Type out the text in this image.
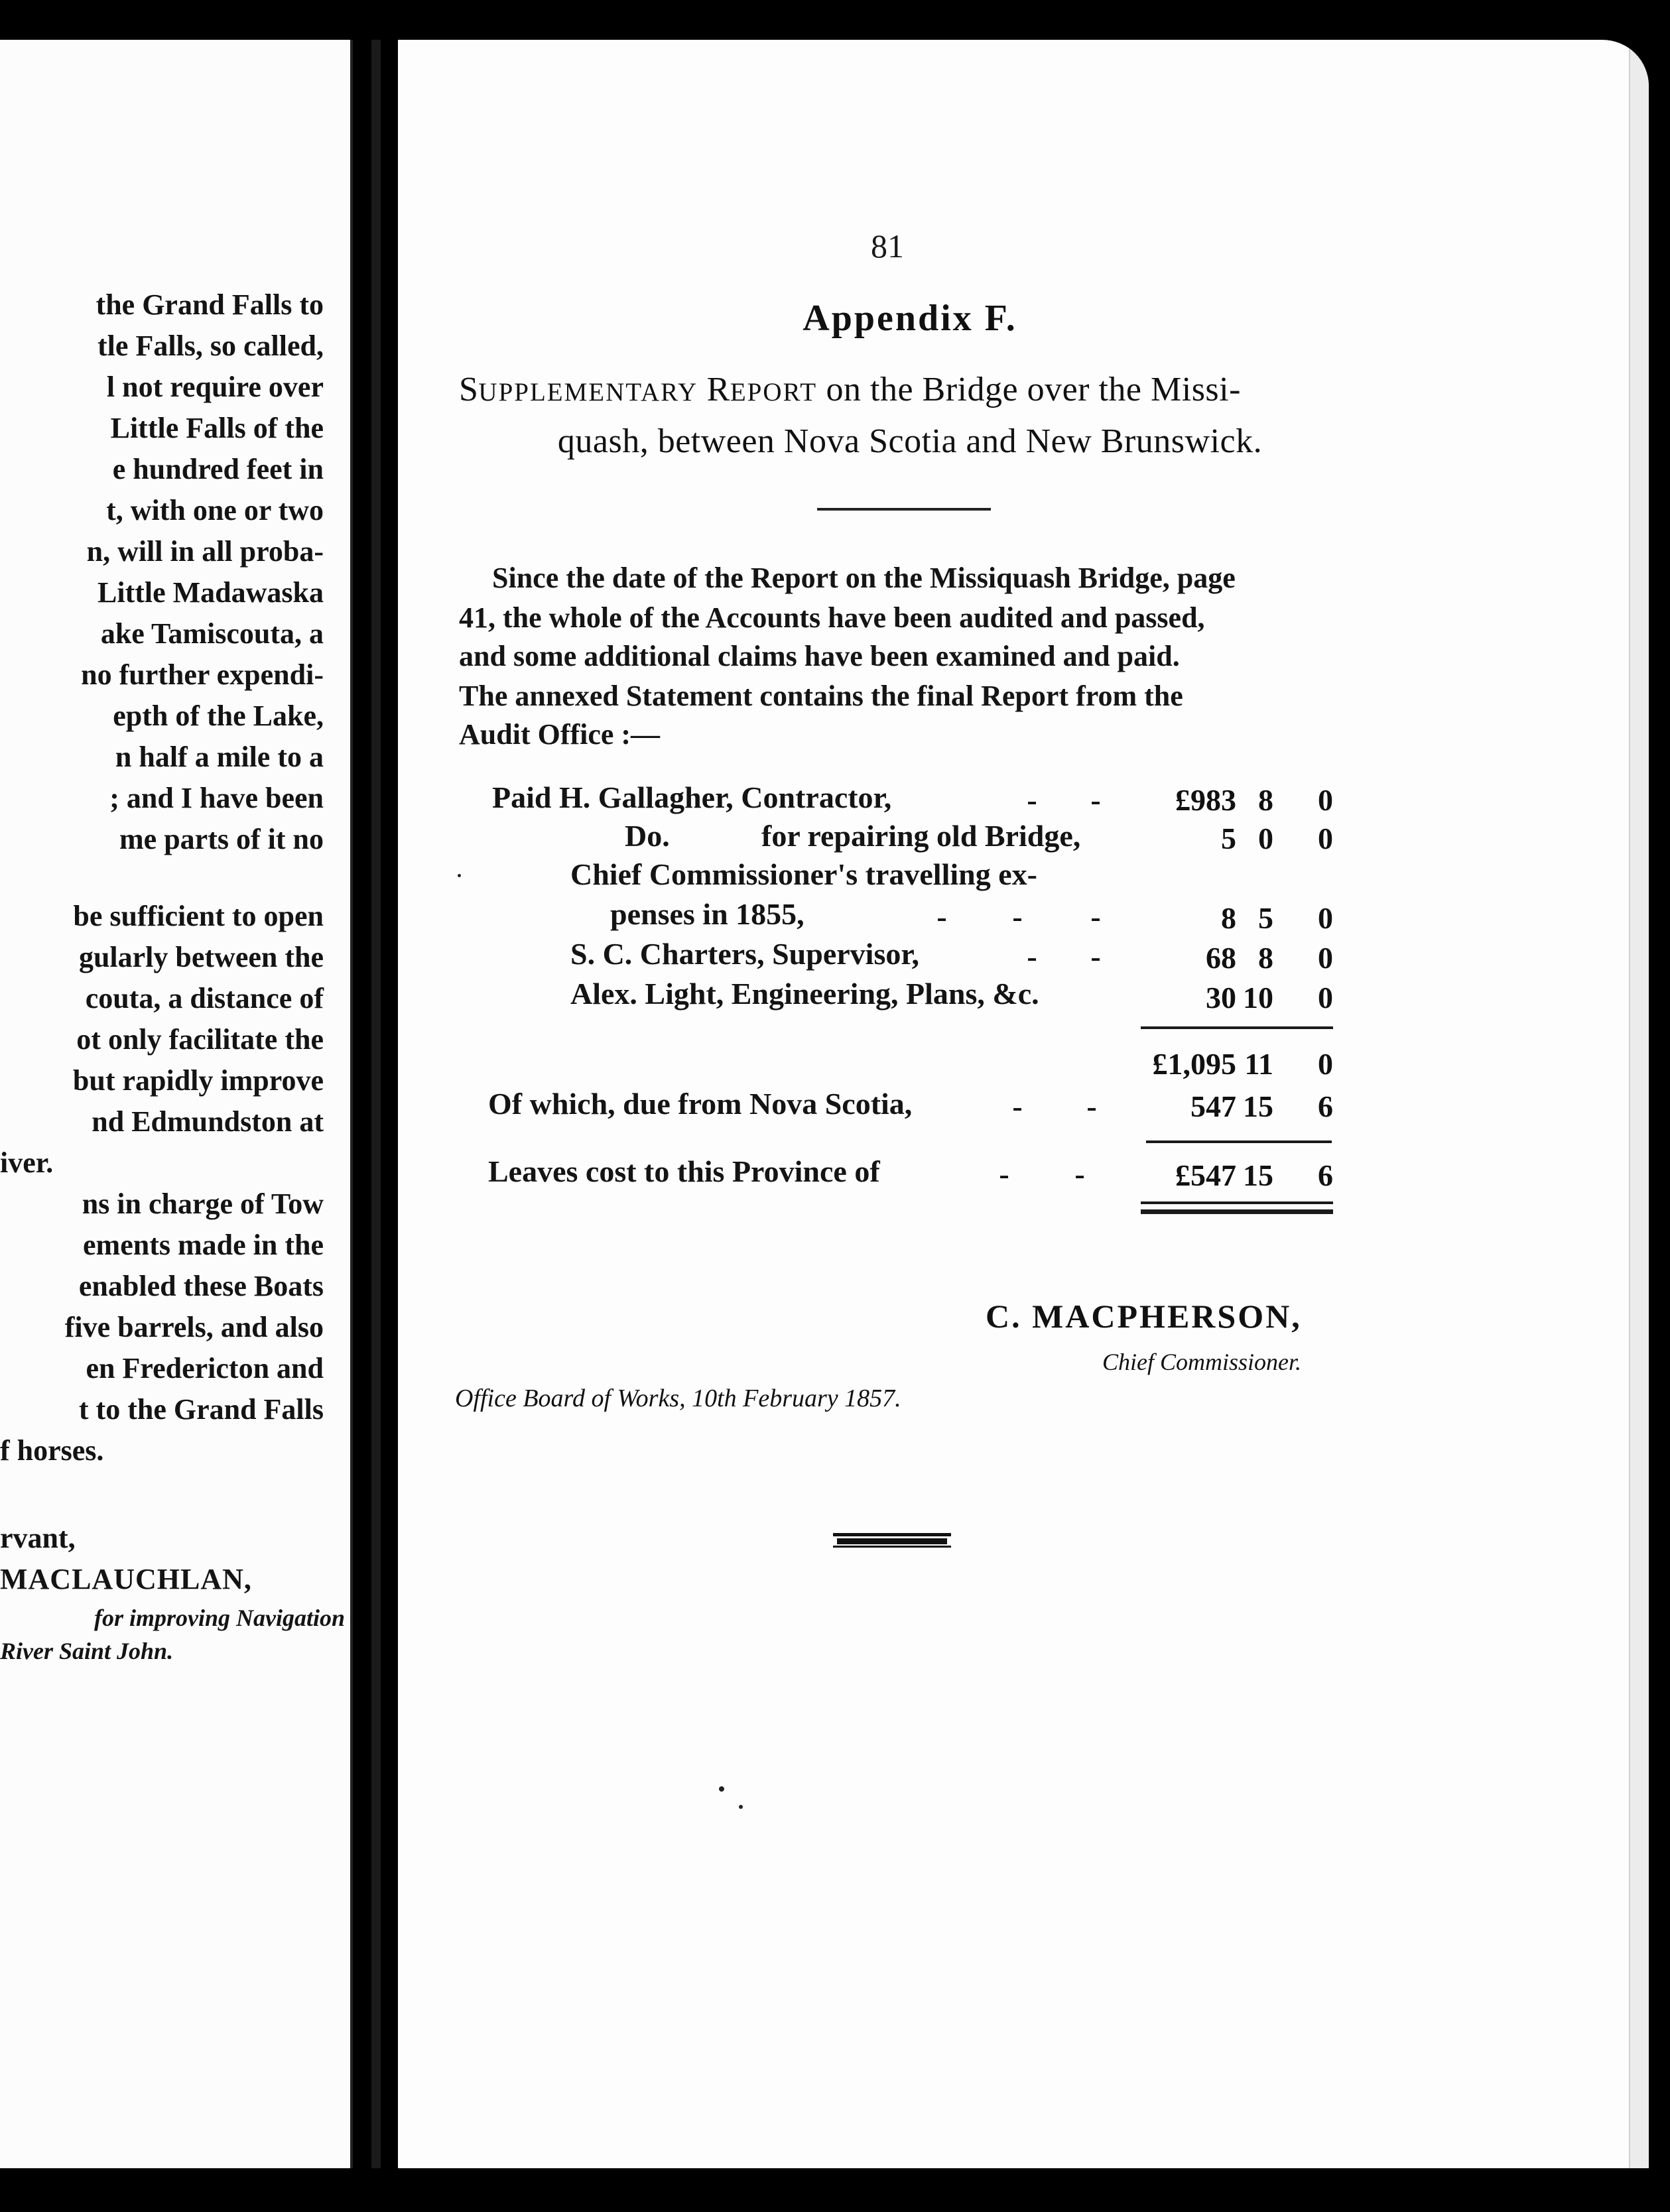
the Grand Falls to
tle Falls, so called,
l not require over
Little Falls of the
e hundred feet in
t, with one or two
n, will in all proba-
Little Madawaska
ake Tamiscouta, a
no further expendi-
epth of the Lake,
n half a mile to a
; and I have been
me parts of it no
be sufficient to open
gularly between the
couta, a distance of
ot only facilitate the
but rapidly improve
nd Edmundston at
iver.
ns in charge of Tow
ements made in the
enabled these Boats
five barrels, and also
en Fredericton and
t to the Grand Falls
f horses.
rvant,
MACLAUCHLAN,
for improving Navigation
River Saint John.
81
Appendix F.
SUPPLEMENTARY REPORT on the Bridge over the Missi-
quash, between Nova Scotia and New Brunswick.
Since the date of the Report on the Missiquash Bridge, page
41, the whole of the Accounts have been audited and passed,
and some additional claims have been examined and paid.
The annexed Statement contains the final Report from the
Audit Office :—
Paid H. Gallagher, Contractor,	- -	£983 8	0
Do.	for repairing old Bridge,	5 0	0
Chief Commissioner's travelling ex-
penses in 1855,	- - -	8 5	0
S. C. Charters, Supervisor,	- -	68 8	0
Alex. Light, Engineering, Plans, &c.	30 10	0
£1,095 11	0
Of which, due from Nova Scotia,	- -	547 15	6
Leaves cost to this Province of	- -	£547 15	6
C. MACPHERSON,
Chief Commissioner.
Office Board of Works, 10th February 1857.
